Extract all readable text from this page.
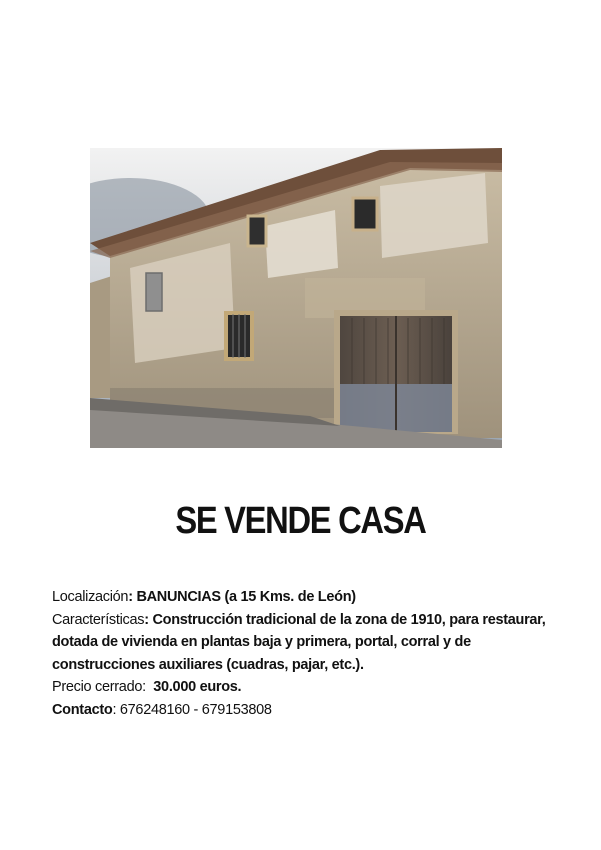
SE VENDE CASA

Localización: BANUNCIAS (a 15 Kms. de León)

Características: Construcción tradicional de la zona de 1910, para restaurar,

dotada de vivienda en plantas baja y primera, portal, corral y de

construcciones auxiliares (cuadras, pajar, etc.).

Precio cerrado: 30.000 euros.

Contacto: 676248160 - 679153808
